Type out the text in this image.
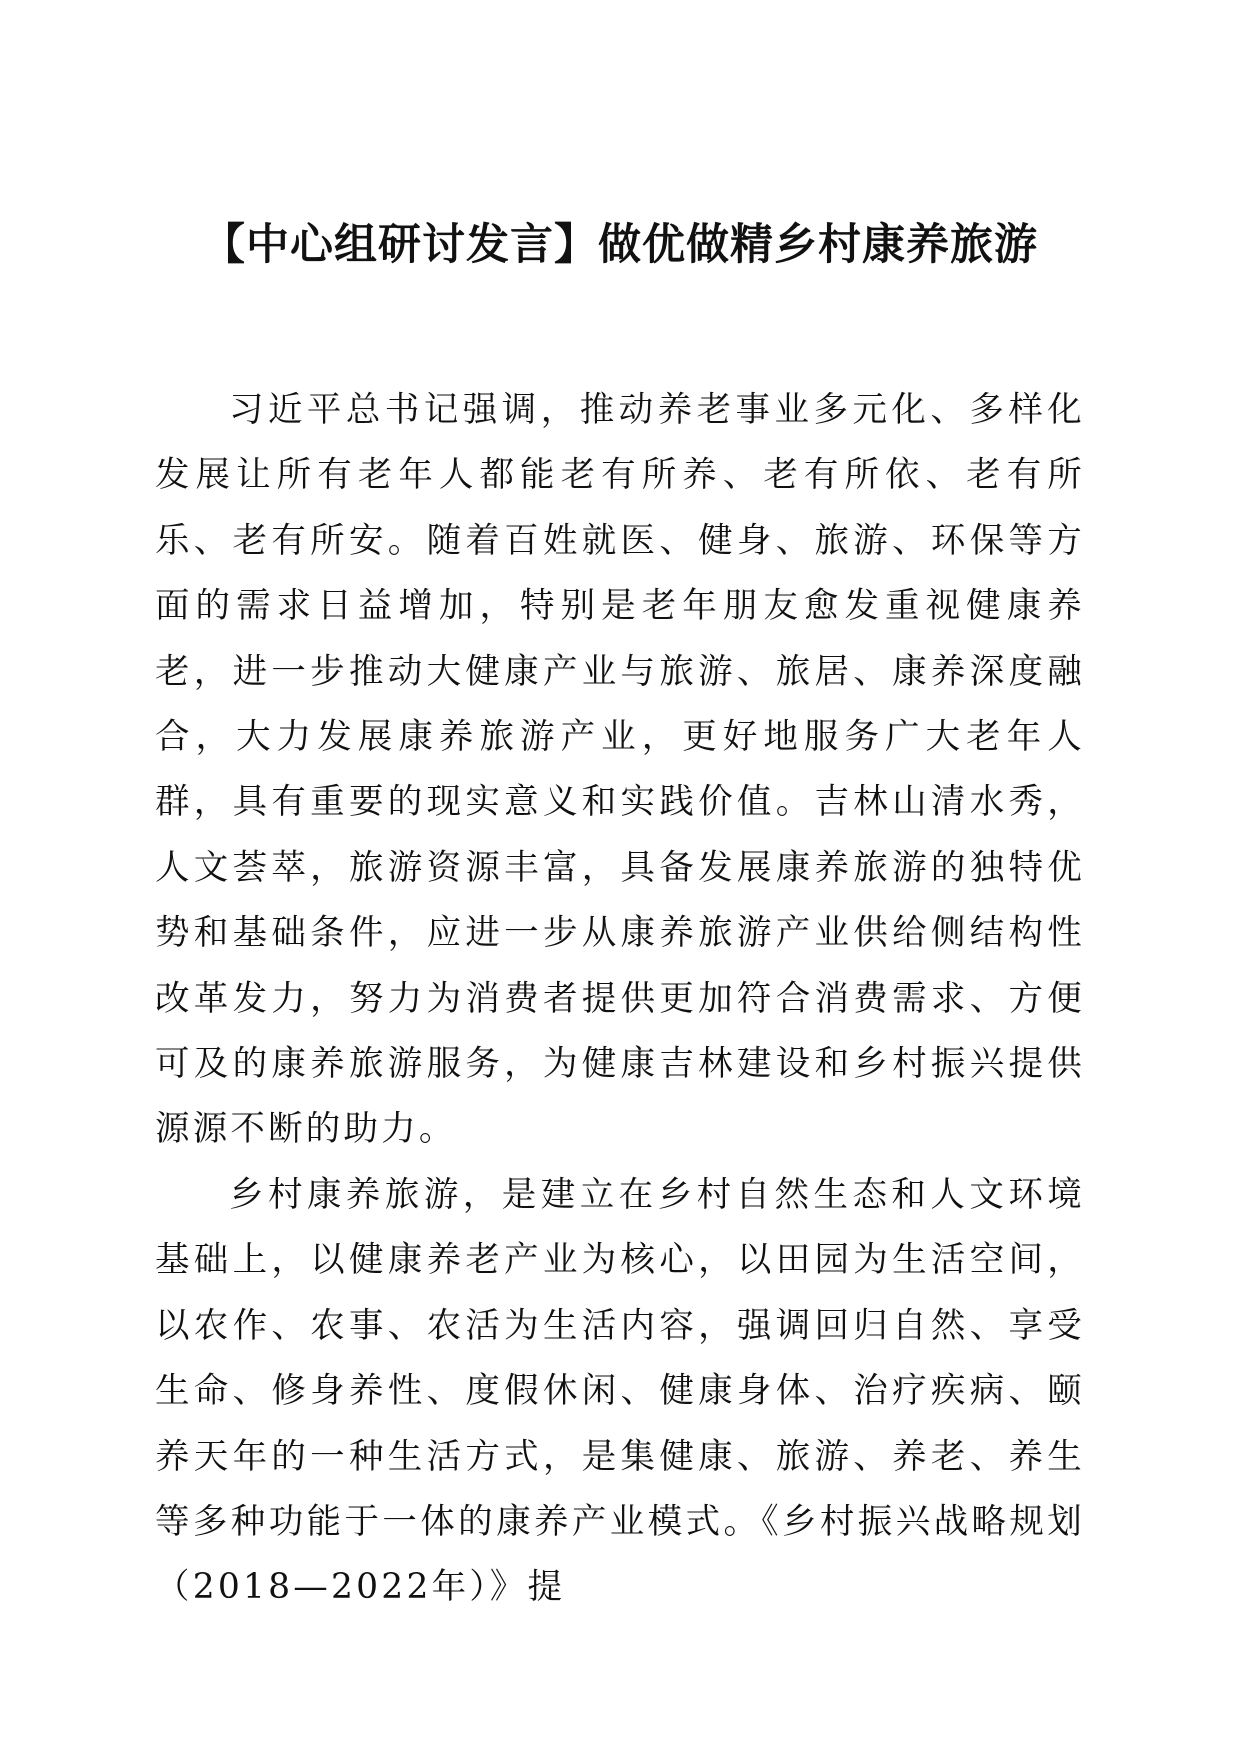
【中心组研讨发言】做优做精乡村康养旅游

习近平总书记强调，推动养老事业多元化、多样化发展让所有老年人都能老有所养、老有所依、老有所乐、老有所安。随着百姓就医、健身、旅游、环保等方面的需求日益增加，特别是老年朋友愈发重视健康养老，进一步推动大健康产业与旅游、旅居、康养深度融合，大力发展康养旅游产业，更好地服务广大老年人群，具有重要的现实意义和实践价值。吉林山清水秀，人文荟萃，旅游资源丰富，具备发展康养旅游的独特优势和基础条件，应进一步从康养旅游产业供给侧结构性改革发力，努力为消费者提供更加符合消费需求、方便可及的康养旅游服务，为健康吉林建设和乡村振兴提供源源不断的助力。

乡村康养旅游，是建立在乡村自然生态和人文环境基础上，以健康养老产业为核心，以田园为生活空间，以农作、农事、农活为生活内容，强调回归自然、享受生命、修身养性、度假休闲、健康身体、治疗疾病、颐养天年的一种生活方式，是集健康、旅游、养老、养生等多种功能于一体的康养产业模式。《乡村振兴战略规划（2018—2022年）》提
